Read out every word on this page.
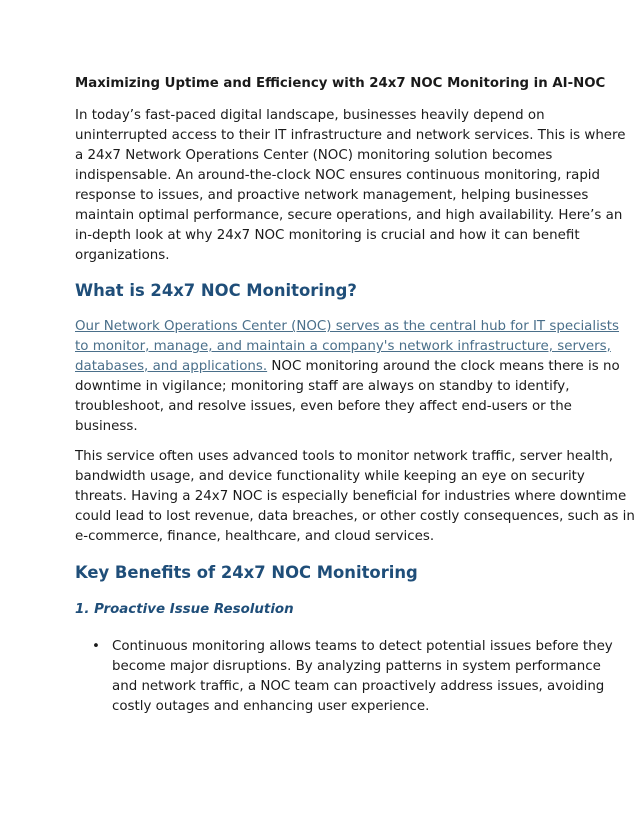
Maximizing Uptime and Efficiency with 24x7 NOC Monitoring in AI-NOC
In today’s fast-paced digital landscape, businesses heavily depend on
uninterrupted access to their IT infrastructure and network services. This is where
a 24x7 Network Operations Center (NOC) monitoring solution becomes
indispensable. An around-the-clock NOC ensures continuous monitoring, rapid
response to issues, and proactive network management, helping businesses
maintain optimal performance, secure operations, and high availability. Here’s an
in-depth look at why 24x7 NOC monitoring is crucial and how it can benefit
organizations.
What is 24x7 NOC Monitoring?
Our Network Operations Center (NOC) serves as the central hub for IT specialists
to monitor, manage, and maintain a company's network infrastructure, servers,
databases, and applications. NOC monitoring around the clock means there is no
downtime in vigilance; monitoring staff are always on standby to identify,
troubleshoot, and resolve issues, even before they affect end-users or the
business.
This service often uses advanced tools to monitor network traffic, server health,
bandwidth usage, and device functionality while keeping an eye on security
threats. Having a 24x7 NOC is especially beneficial for industries where downtime
could lead to lost revenue, data breaches, or other costly consequences, such as in
e-commerce, finance, healthcare, and cloud services.
Key Benefits of 24x7 NOC Monitoring
1. Proactive Issue Resolution
• Continuous monitoring allows teams to detect potential issues before they
become major disruptions. By analyzing patterns in system performance
and network traffic, a NOC team can proactively address issues, avoiding
costly outages and enhancing user experience.
